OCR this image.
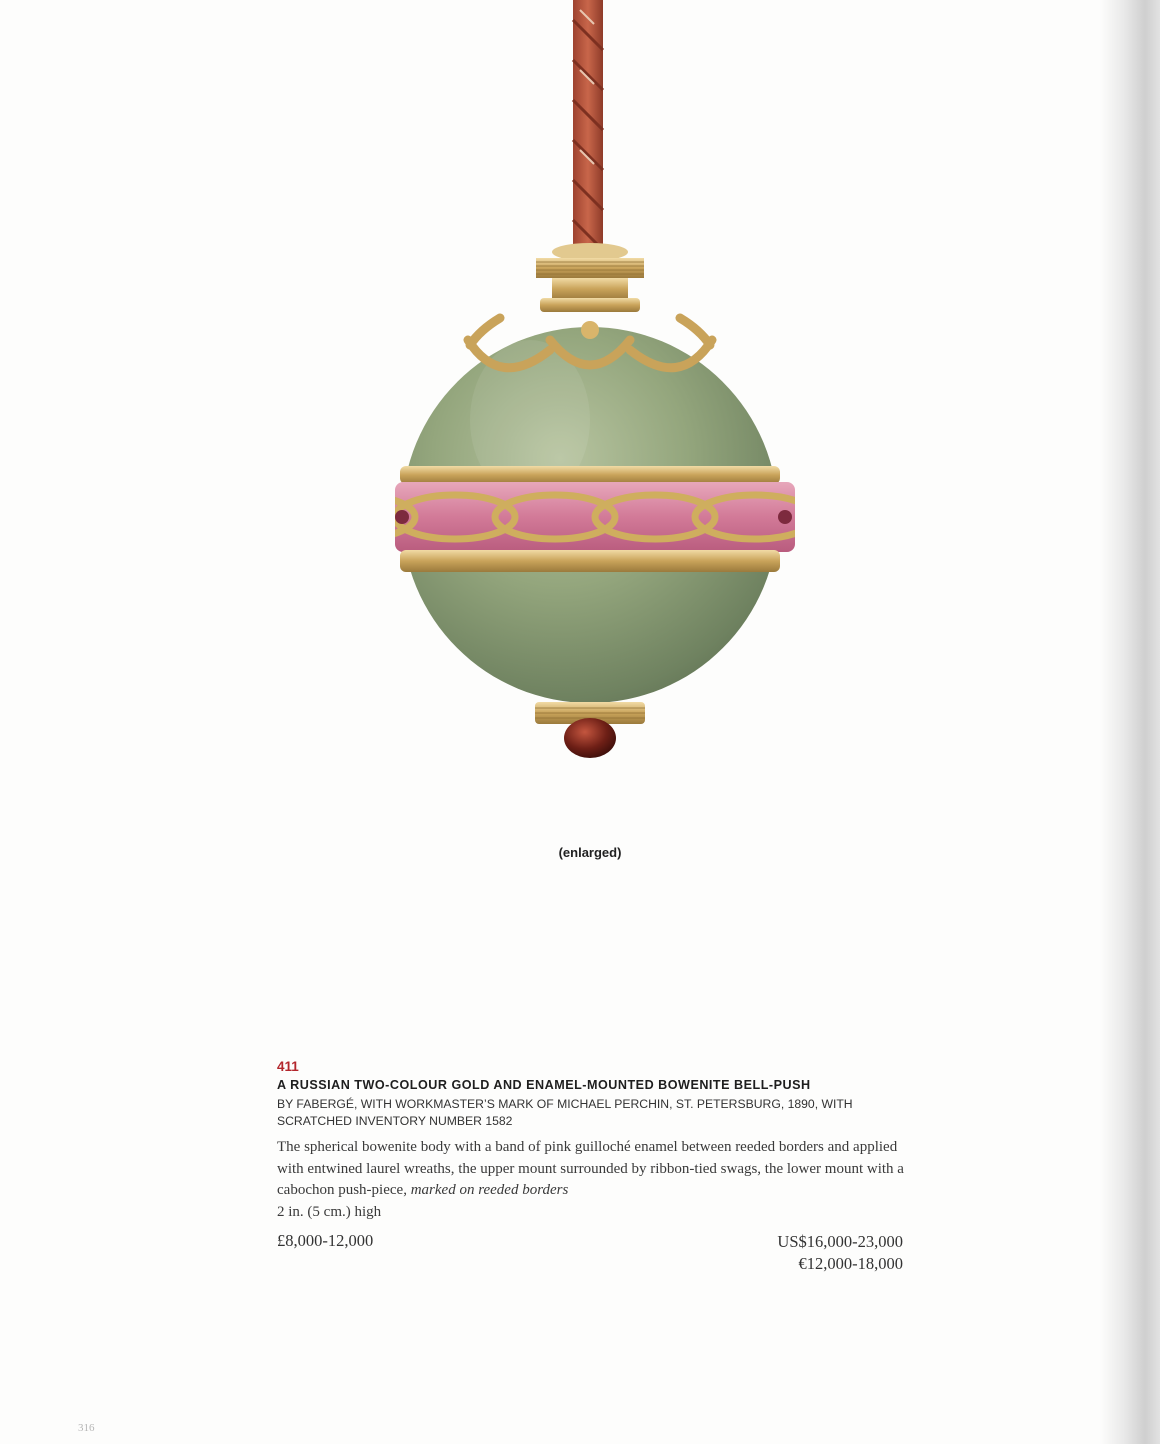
(enlarged)
411
A RUSSIAN TWO-COLOUR GOLD AND ENAMEL-MOUNTED BOWENITE BELL-PUSH
BY FABERGÉ, WITH WORKMASTER’S MARK OF MICHAEL PERCHIN, ST. PETERSBURG, 1890, WITH SCRATCHED INVENTORY NUMBER 1582
The spherical bowenite body with a band of pink guilloché enamel between reeded borders and applied with entwined laurel wreaths, the upper mount surrounded by ribbon-tied swags, the lower mount with a cabochon push-piece, marked on reeded borders
2 in. (5 cm.) high
£8,000-12,000	US$16,000-23,000
€12,000-18,000
316
